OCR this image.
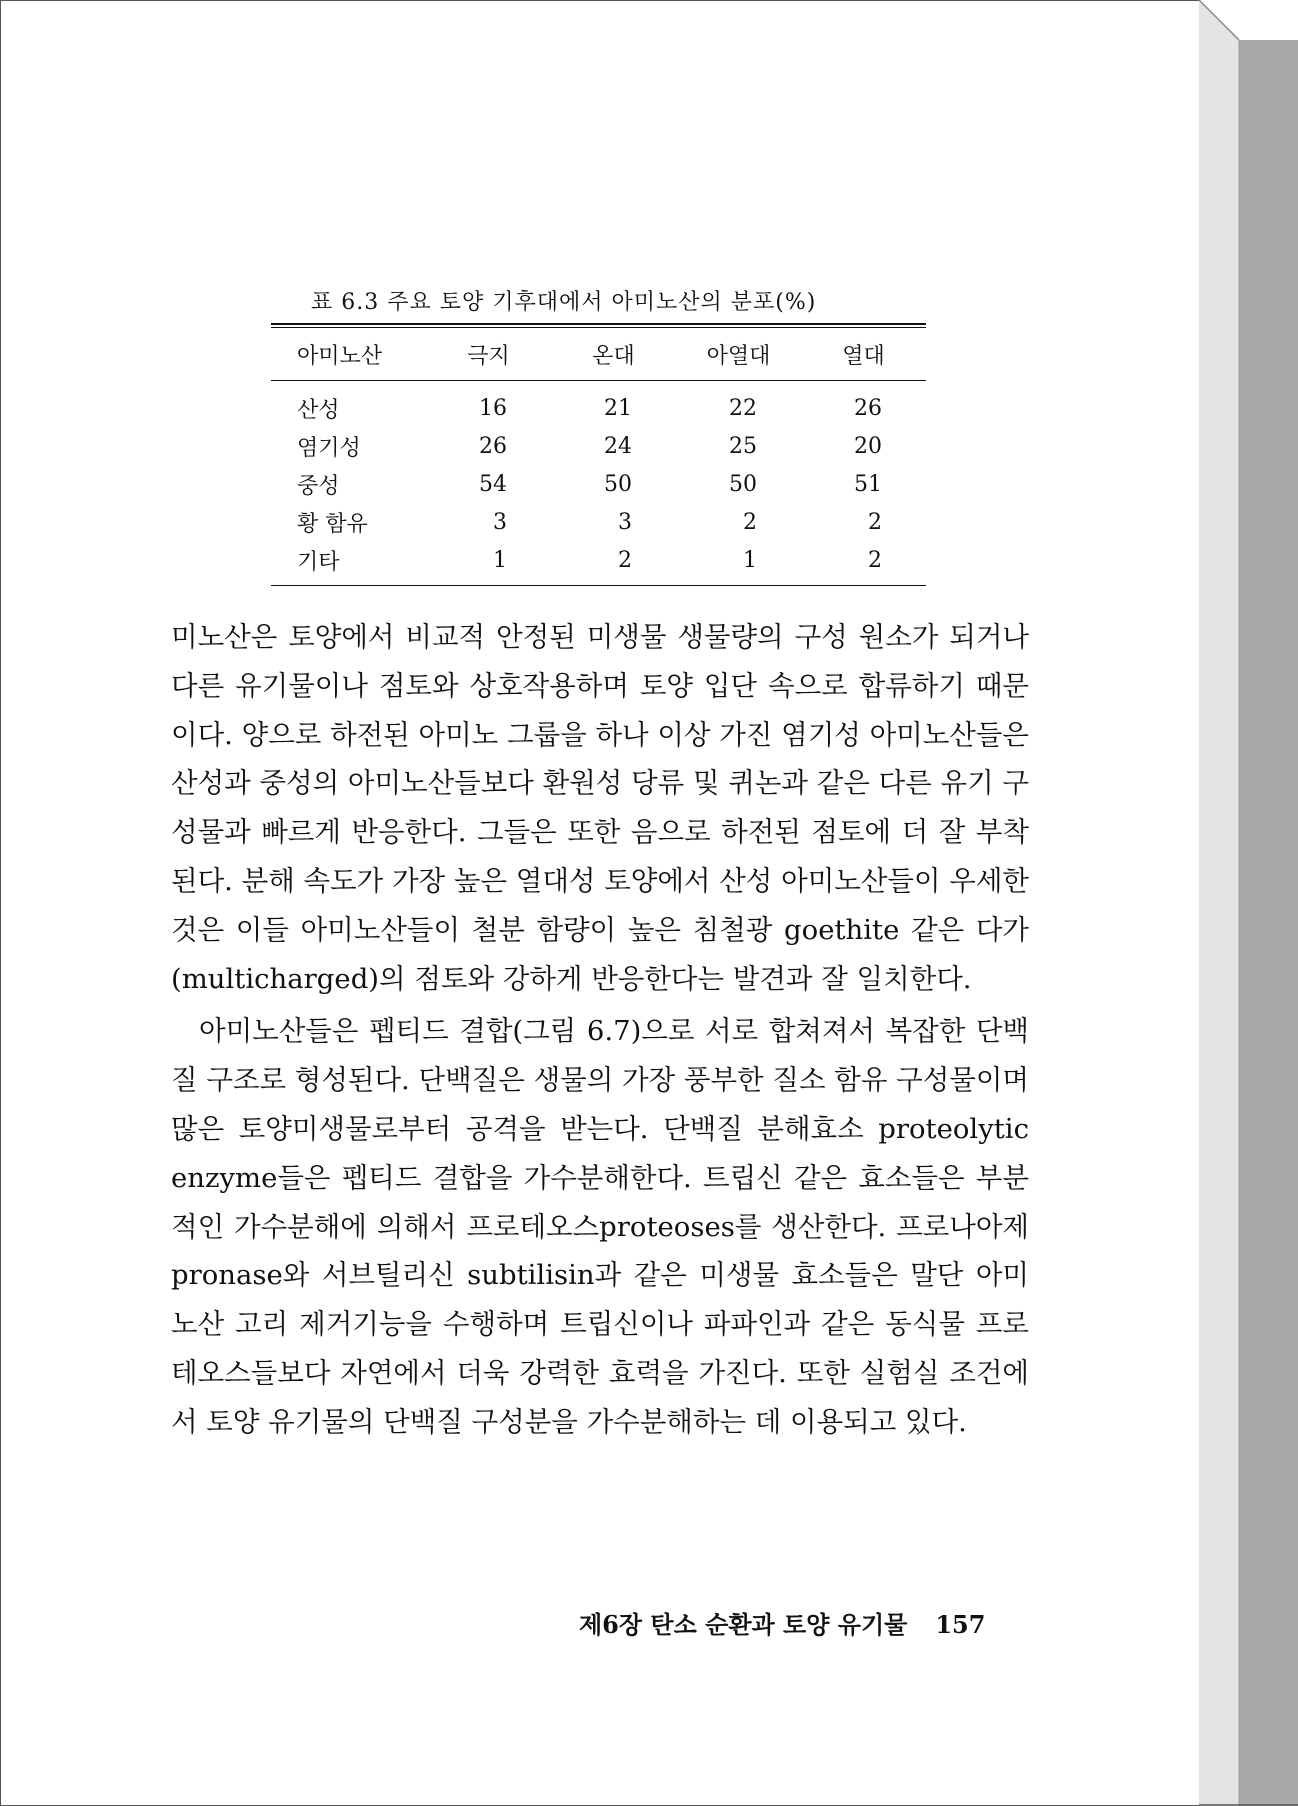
표 6.3 주요 토양 기후대에서 아미노산의 분포(%)
아미노산	극지	온대	아열대	열대
산성	16	21	22	26
염기성	26	24	25	20
중성	54	50	50	51
황 함유	3	3	2	2
기타	1	2	1	2

미노산은 토양에서 비교적 안정된 미생물 생물량의 구성 원소가 되거나 다른 유기물이나 점토와 상호작용하며 토양 입단 속으로 합류하기 때문이다. 양으로 하전된 아미노 그룹을 하나 이상 가진 염기성 아미노산들은 산성과 중성의 아미노산들보다 환원성 당류 및 퀴논과 같은 다른 유기 구성물과 빠르게 반응한다. 그들은 또한 음으로 하전된 점토에 더 잘 부착된다. 분해 속도가 가장 높은 열대성 토양에서 산성 아미노산들이 우세한 것은 이들 아미노산들이 철분 함량이 높은 침철광 goethite 같은 다가(multicharged)의 점토와 강하게 반응한다는 발견과 잘 일치한다.

아미노산들은 펩티드 결합(그림 6.7)으로 서로 합쳐져서 복잡한 단백질 구조로 형성된다. 단백질은 생물의 가장 풍부한 질소 함유 구성물이며 많은 토양미생물로부터 공격을 받는다. 단백질 분해효소 proteolytic enzyme들은 펩티드 결합을 가수분해한다. 트립신 같은 효소들은 부분적인 가수분해에 의해서 프로테오스proteoses를 생산한다. 프로나아제 pronase와 서브틸리신 subtilisin과 같은 미생물 효소들은 말단 아미노산 고리 제거기능을 수행하며 트립신이나 파파인과 같은 동식물 프로테오스들보다 자연에서 더욱 강력한 효력을 가진다. 또한 실험실 조건에서 토양 유기물의 단백질 구성분을 가수분해하는 데 이용되고 있다.

제6장 탄소 순환과 토양 유기물 157
